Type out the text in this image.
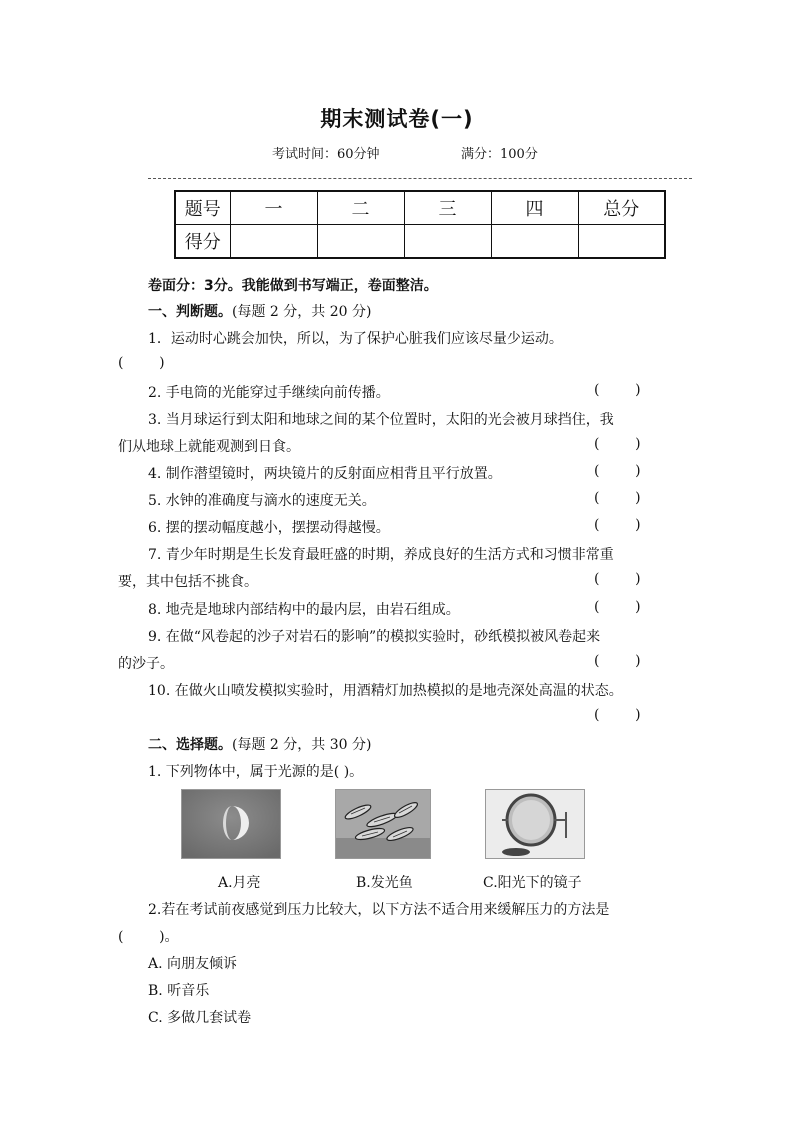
期末测试卷(一)
考试时间：60分钟	满分：100分
题号	一	二	三	四	总分
得分					
卷面分：3分。我能做到书写端正，卷面整洁。
一、判断题。(每题 2 分，共 20 分)
1．运动时心跳会加快，所以，为了保护心脏我们应该尽量少运动。
(        )
2. 手电筒的光能穿过手继续向前传播。	(        )
3. 当月球运行到太阳和地球之间的某个位置时，太阳的光会被月球挡住，我
们从地球上就能观测到日食。	(        )
4. 制作潜望镜时，两块镜片的反射面应相背且平行放置。	(        )
5. 水钟的准确度与滴水的速度无关。	(        )
6. 摆的摆动幅度越小，摆摆动得越慢。	(        )
7. 青少年时期是生长发育最旺盛的时期，养成良好的生活方式和习惯非常重
要，其中包括不挑食。	(        )
8. 地壳是地球内部结构中的最内层，由岩石组成。	(        )
9. 在做“风卷起的沙子对岩石的影响”的模拟实验时，砂纸模拟被风卷起来
的沙子。	(        )
10. 在做火山喷发模拟实验时，用酒精灯加热模拟的是地壳深处高温的状态。
(        )
二、选择题。(每题 2 分，共 30 分)
1. 下列物体中，属于光源的是( )。
A.月亮	B.发光鱼	C.阳光下的镜子
2.若在考试前夜感觉到压力比较大，以下方法不适合用来缓解压力的方法是
(        )。
A. 向朋友倾诉
B. 听音乐
C. 多做几套试卷
